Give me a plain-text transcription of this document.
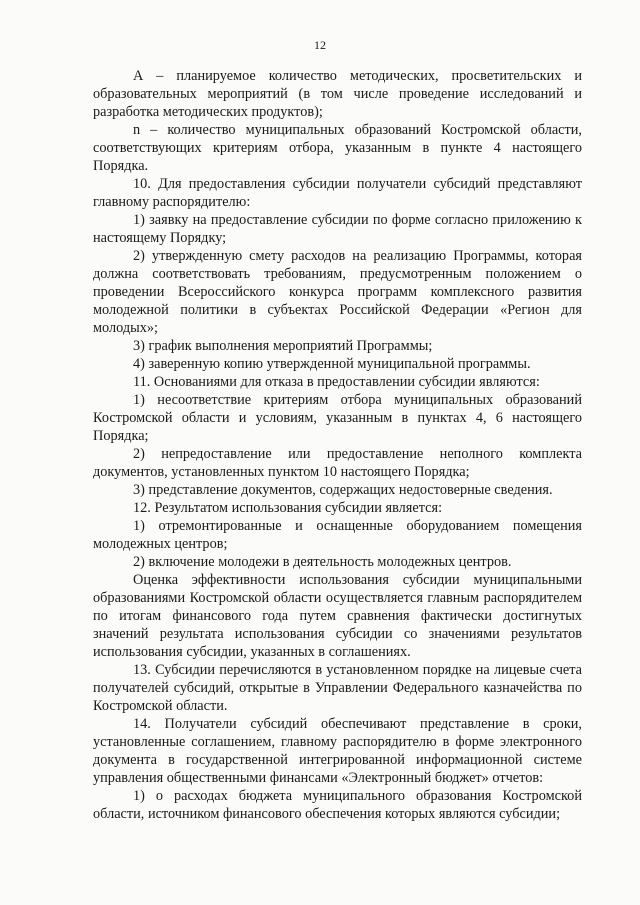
12

А – планируемое количество методических, просветительских и образовательных мероприятий (в том числе проведение исследований и разработка методических продуктов);

n – количество муниципальных образований Костромской области, соответствующих критериям отбора, указанным в пункте 4 настоящего Порядка.

10. Для предоставления субсидии получатели субсидий представляют главному распорядителю:

1) заявку на предоставление субсидии по форме согласно приложению к настоящему Порядку;

2) утвержденную смету расходов на реализацию Программы, которая должна соответствовать требованиям, предусмотренным положением о проведении Всероссийского конкурса программ комплексного развития молодежной политики в субъектах Российской Федерации «Регион для молодых»;

3) график выполнения мероприятий Программы;

4) заверенную копию утвержденной муниципальной программы.

11. Основаниями для отказа в предоставлении субсидии являются:

1) несоответствие критериям отбора муниципальных образований Костромской области и условиям, указанным в пунктах 4, 6 настоящего Порядка;

2) непредоставление или предоставление неполного комплекта документов, установленных пунктом 10 настоящего Порядка;

3) представление документов, содержащих недостоверные сведения.

12. Результатом использования субсидии является:

1) отремонтированные и оснащенные оборудованием помещения молодежных центров;

2) включение молодежи в деятельность молодежных центров.

Оценка эффективности использования субсидии муниципальными образованиями Костромской области осуществляется главным распорядителем по итогам финансового года путем сравнения фактически достигнутых значений результата использования субсидии со значениями результатов использования субсидии, указанных в соглашениях.

13. Субсидии перечисляются в установленном порядке на лицевые счета получателей субсидий, открытые в Управлении Федерального казначейства по Костромской области.

14. Получатели субсидий обеспечивают представление в сроки, установленные соглашением, главному распорядителю в форме электронного документа в государственной интегрированной информационной системе управления общественными финансами «Электронный бюджет» отчетов:

1) о расходах бюджета муниципального образования Костромской области, источником финансового обеспечения которых являются субсидии;
